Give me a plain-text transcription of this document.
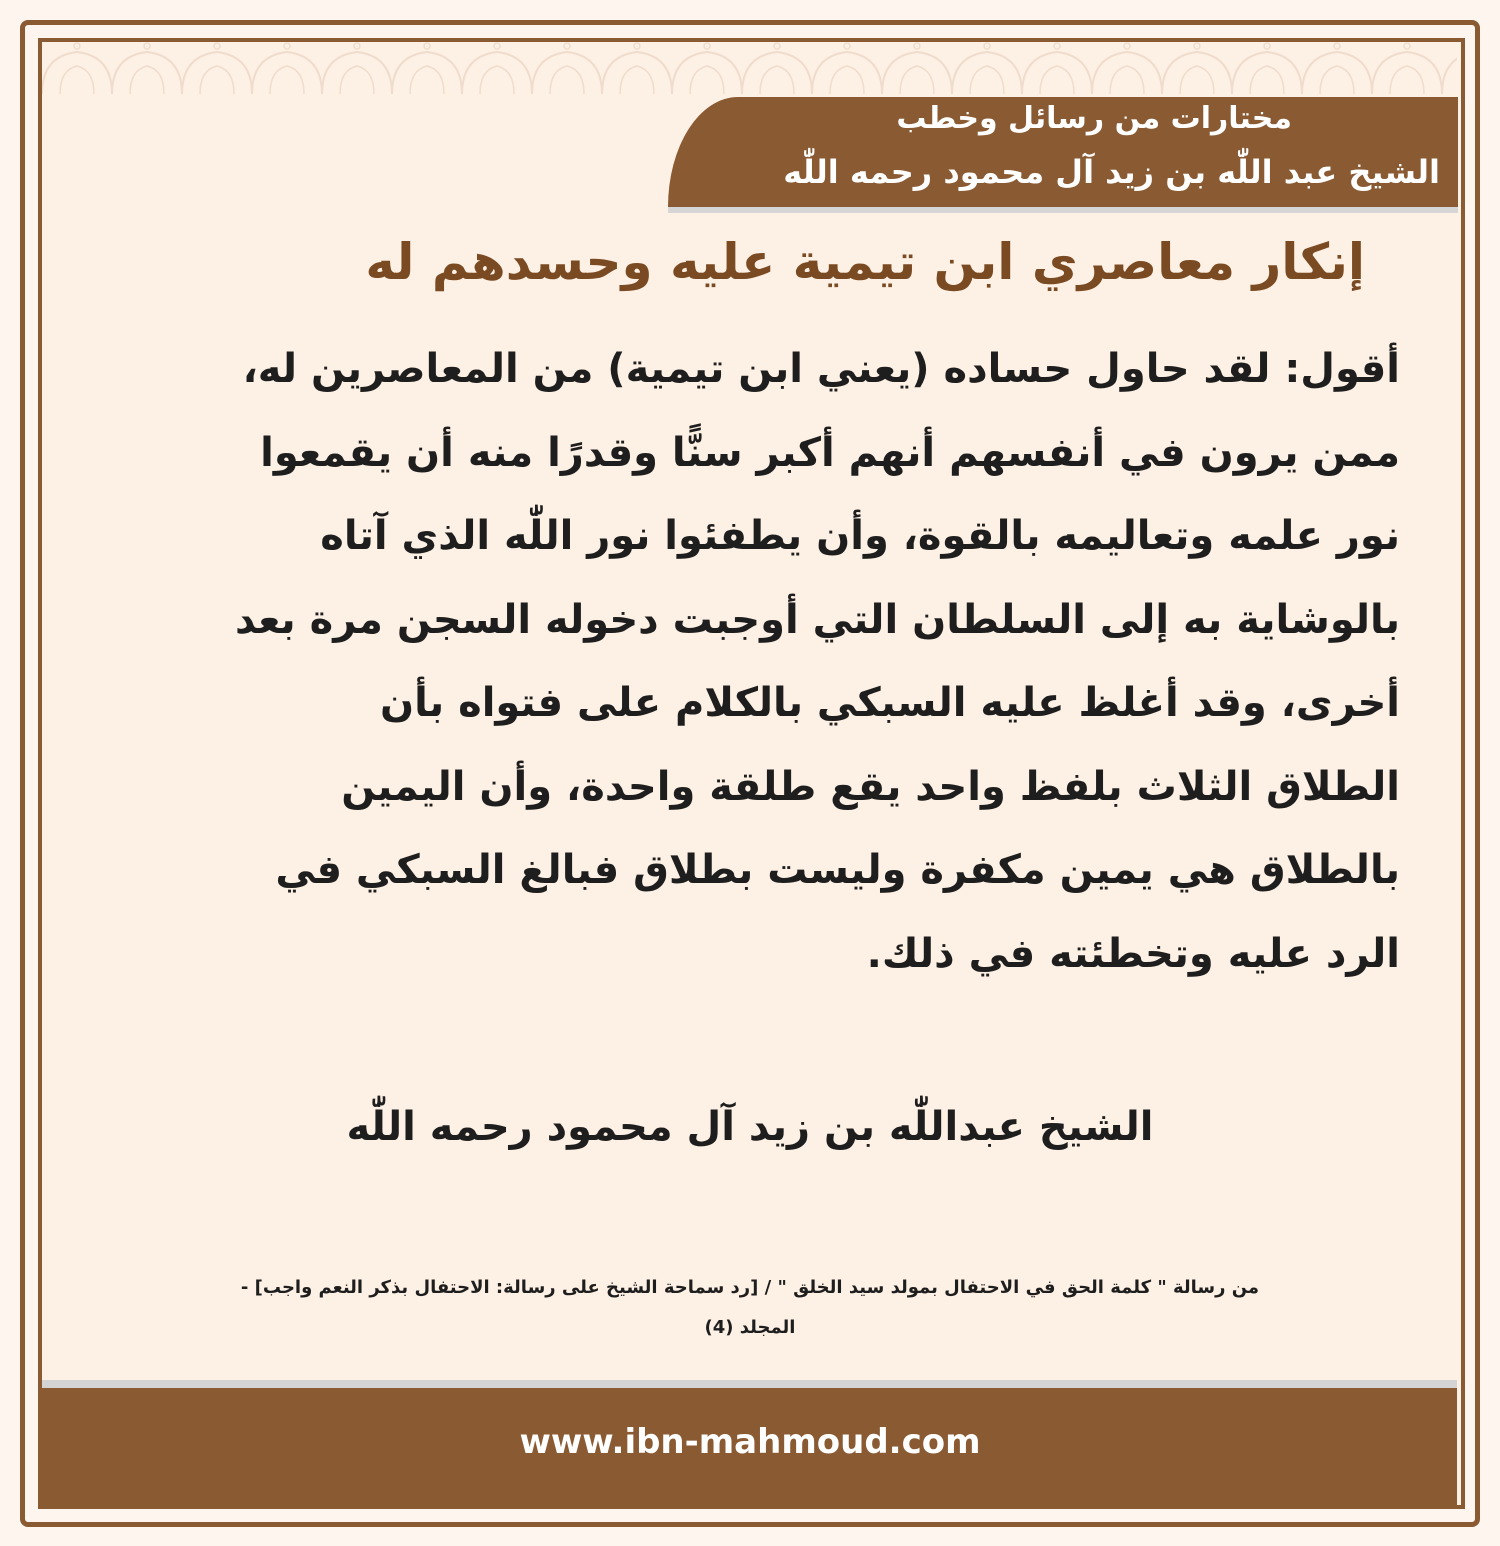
مختارات من رسائل وخطب
الشيخ عبد اللّٰه بن زيد آل محمود رحمه اللّٰه
إنكار معاصري ابن تيمية عليه وحسدهم له

أقول: لقد حاول حساده (يعني ابن تيمية) من المعاصرين له،
ممن يرون في أنفسهم أنهم أكبر سنًّا وقدرًا منه أن يقمعوا
نور علمه وتعاليمه بالقوة، وأن يطفئوا نور اللّٰه الذي آتاه
بالوشاية به إلى السلطان التي أوجبت دخوله السجن مرة بعد
أخرى، وقد أغلظ عليه السبكي بالكلام على فتواه بأن
الطلاق الثلاث بلفظ واحد يقع طلقة واحدة، وأن اليمين
بالطلاق هي يمين مكفرة وليست بطلاق فبالغ السبكي في
الرد عليه وتخطئته في ذلك.

الشيخ عبداللّٰه بن زيد آل محمود رحمه اللّٰه
من رسالة " كلمة الحق في الاحتفال بمولد سيد الخلق " / [رد سماحة الشيخ على رسالة: الاحتفال بذكر النعم واجب] -
المجلد (4)
www.ibn-mahmoud.com
